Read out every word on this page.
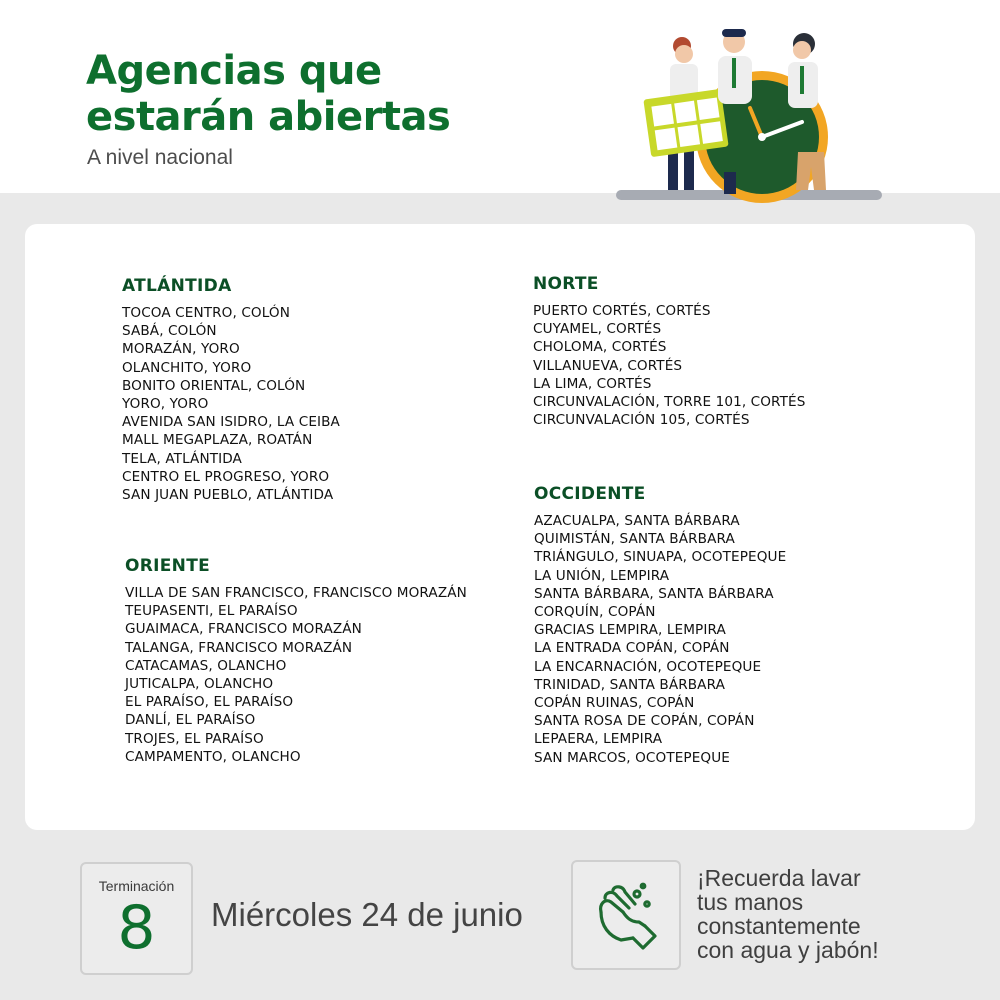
Agencias que
estarán abiertas
A nivel nacional
ATLÁNTIDA
TOCOA CENTRO, COLÓN
SABÁ, COLÓN
MORAZÁN, YORO
OLANCHITO, YORO
BONITO ORIENTAL, COLÓN
YORO, YORO
AVENIDA SAN ISIDRO, LA CEIBA
MALL MEGAPLAZA, ROATÁN
TELA, ATLÁNTIDA
CENTRO EL PROGRESO, YORO
SAN JUAN PUEBLO, ATLÁNTIDA
ORIENTE
VILLA DE SAN FRANCISCO, FRANCISCO MORAZÁN
TEUPASENTI, EL PARAÍSO
GUAIMACA, FRANCISCO MORAZÁN
TALANGA, FRANCISCO MORAZÁN
CATACAMAS, OLANCHO
JUTICALPA, OLANCHO
EL PARAÍSO, EL PARAÍSO
DANLÍ, EL PARAÍSO
TROJES, EL PARAÍSO
CAMPAMENTO, OLANCHO
NORTE
PUERTO CORTÉS, CORTÉS
CUYAMEL, CORTÉS
CHOLOMA, CORTÉS
VILLANUEVA, CORTÉS
LA LIMA, CORTÉS
CIRCUNVALACIÓN, TORRE 101, CORTÉS
CIRCUNVALACIÓN 105, CORTÉS
OCCIDENTE
AZACUALPA, SANTA BÁRBARA
QUIMISTÁN, SANTA BÁRBARA
TRIÁNGULO, SINUAPA, OCOTEPEQUE
LA UNIÓN, LEMPIRA
SANTA BÁRBARA, SANTA BÁRBARA
CORQUÍN, COPÁN
GRACIAS LEMPIRA, LEMPIRA
LA ENTRADA COPÁN, COPÁN
LA ENCARNACIÓN, OCOTEPEQUE
TRINIDAD, SANTA BÁRBARA
COPÁN RUINAS, COPÁN
SANTA ROSA DE COPÁN, COPÁN
LEPAERA, LEMPIRA
SAN MARCOS, OCOTEPEQUE
Terminación
8	Miércoles 24 de junio
¡Recuerda lavar
tus manos
constantemente
con agua y jabón!
